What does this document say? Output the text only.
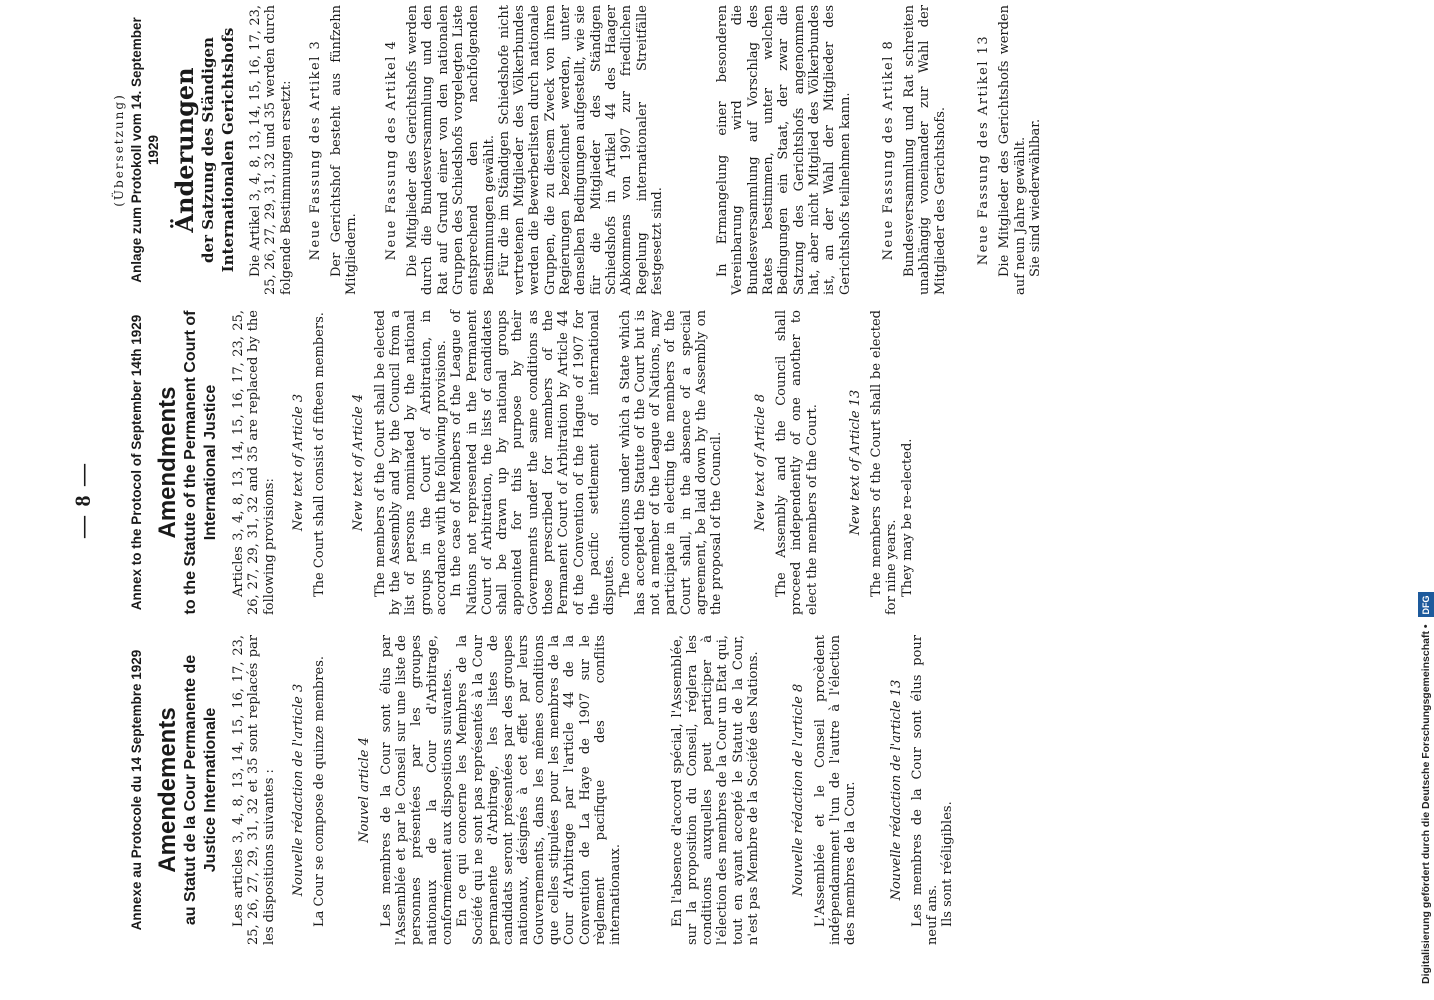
— 8 —
Annexe au Protocole du 14 Septembre 1929 Amendements au Statut de la Cour Permanente de Justice Internationale Les articles 3, 4, 8, 13, 14, 15, 16, 17, 23, 25, 26, 27, 29, 31, 32 et 35 sont replacés par les dispositions suivantes : Nouvelle rédaction de l'article 3 La Cour se compose de quinze membres. Nouvel article 4 Les membres de la Cour sont élus par l'Assemblée et par le Conseil sur une liste de personnes présentées par les groupes nationaux de la Cour d'Arbitrage, conformément aux dispositions suivantes. En ce qui concerne les Membres de la Société qui ne sont pas représentés à la Cour permanente d'Arbitrage, les listes de candidats seront présentées par des groupes nationaux, désignés à cet effet par leurs Gouvernements, dans les mêmes conditions que celles stipulées pour les membres de la Cour d'Arbitrage par l'article 44 de la Convention de La Haye de 1907 sur le règlement pacifique des conflits internationaux.	En l'absence d'accord spécial, l'Assemblée, sur la proposition du Conseil, réglera les conditions auxquelles peut participer à l'élection des membres de la Cour un Etat qui, tout en ayant accepté le Statut de la Cour, n'est pas Membre de la Société des Nations. Nouvelle rédaction de l'article 8 L'Assemblée et le Conseil procèdent indépendamment l'un de l'autre à l'élection des membres de la Cour. Nouvelle rédaction de l'article 13 Les membres de la Cour sont élus pour neuf ans. Ils sont rééligibles.

Annex to the Protocol of September 14th 1929 Amendments to the Statute of the Permanent Court of International Justice Articles 3, 4, 8, 13, 14, 15, 16, 17, 23, 25, 26, 27, 29, 31, 32 and 35 are replaced by the following provisions:

New text of Article 3 The Court shall consist of fifteen members. New text of Article 4 The members of the Court shall be elected by the Assembly and by the Council from a list of persons nominated by the national groups in the Court of Arbitration, in accordance with the following provisions. In the case of Members of the League of Nations not represented in the Permanent Court of Arbitration, the lists of candidates shall be drawn up by national groups appointed for this purpose by their Governments under the same conditions as those prescribed for members of the Permanent Court of Arbitration by Article 44 of the Convention of the Hague of 1907 for the pacific settlement of international disputes. The conditions under which a State which has accepted the Statute of the Court but is not a member of the League of Nations, may participate in electing the members of the Court shall, in the absence of a special agreement, be laid down by the Assembly on the proposal of the Council. New text of Article 8 The Assembly and the Council shall proceed independently of one another to elect the members of the Court. New text of Article 13 The members of the Court shall be elected for nine years. They may be re-elected.

(Übersetzung) Anlage zum Protokoll vom 14. September 1929 Änderungen der Satzung des Ständigen Internationalen Gerichtshofs Die Artikel 3, 4, 8, 13, 14, 15, 16, 17, 23, 25, 26, 27, 29, 31, 32 und 35 werden durch folgende Bestimmungen ersetzt: Neue Fassung des Artikel 3 Der Gerichtshof besteht aus fünfzehn Mitgliedern. Neue Fassung des Artikel 4 Die Mitglieder des Gerichtshofs werden durch die Bundesversammlung und den Rat auf Grund einer von den nationalen Gruppen des Schiedshofs vorgelegten Liste entsprechend den nachfolgenden Bestimmungen gewählt. Für die im Ständigen Schiedshofe nicht vertretenen Mitglieder des Völkerbundes werden die Bewerberlisten durch nationale Gruppen, die zu diesem Zweck von ihren Regierungen bezeichnet werden, unter denselben Bedingungen aufgestellt, wie sie für die Mitglieder des Ständigen Schiedshofs in Artikel 44 des Haager Abkommens von 1907 zur friedlichen Regelung internationaler Streitfälle festgesetzt sind.	In Ermangelung einer besonderen Vereinbarung wird die Bundesversammlung auf Vorschlag des Rates bestimmen, unter welchen Bedingungen ein Staat, der zwar die Satzung des Gerichtshofs angenommen hat, aber nicht Mitglied des Völkerbundes ist, an der Wahl der Mitglieder des Gerichtshofs teilnehmen kann. Neue Fassung des Artikel 8 Bundesversammlung und Rat schreiten unabhängig voneinander zur Wahl der Mitglieder des Gerichtshofs. Neue Fassung des Artikel 13 Die Mitglieder des Gerichtshofs werden auf neun Jahre gewählt. Sie sind wiederwählbar.

Digitalisierung gefördert durch die Deutsche Forschungsgemeinschaft • DFG
